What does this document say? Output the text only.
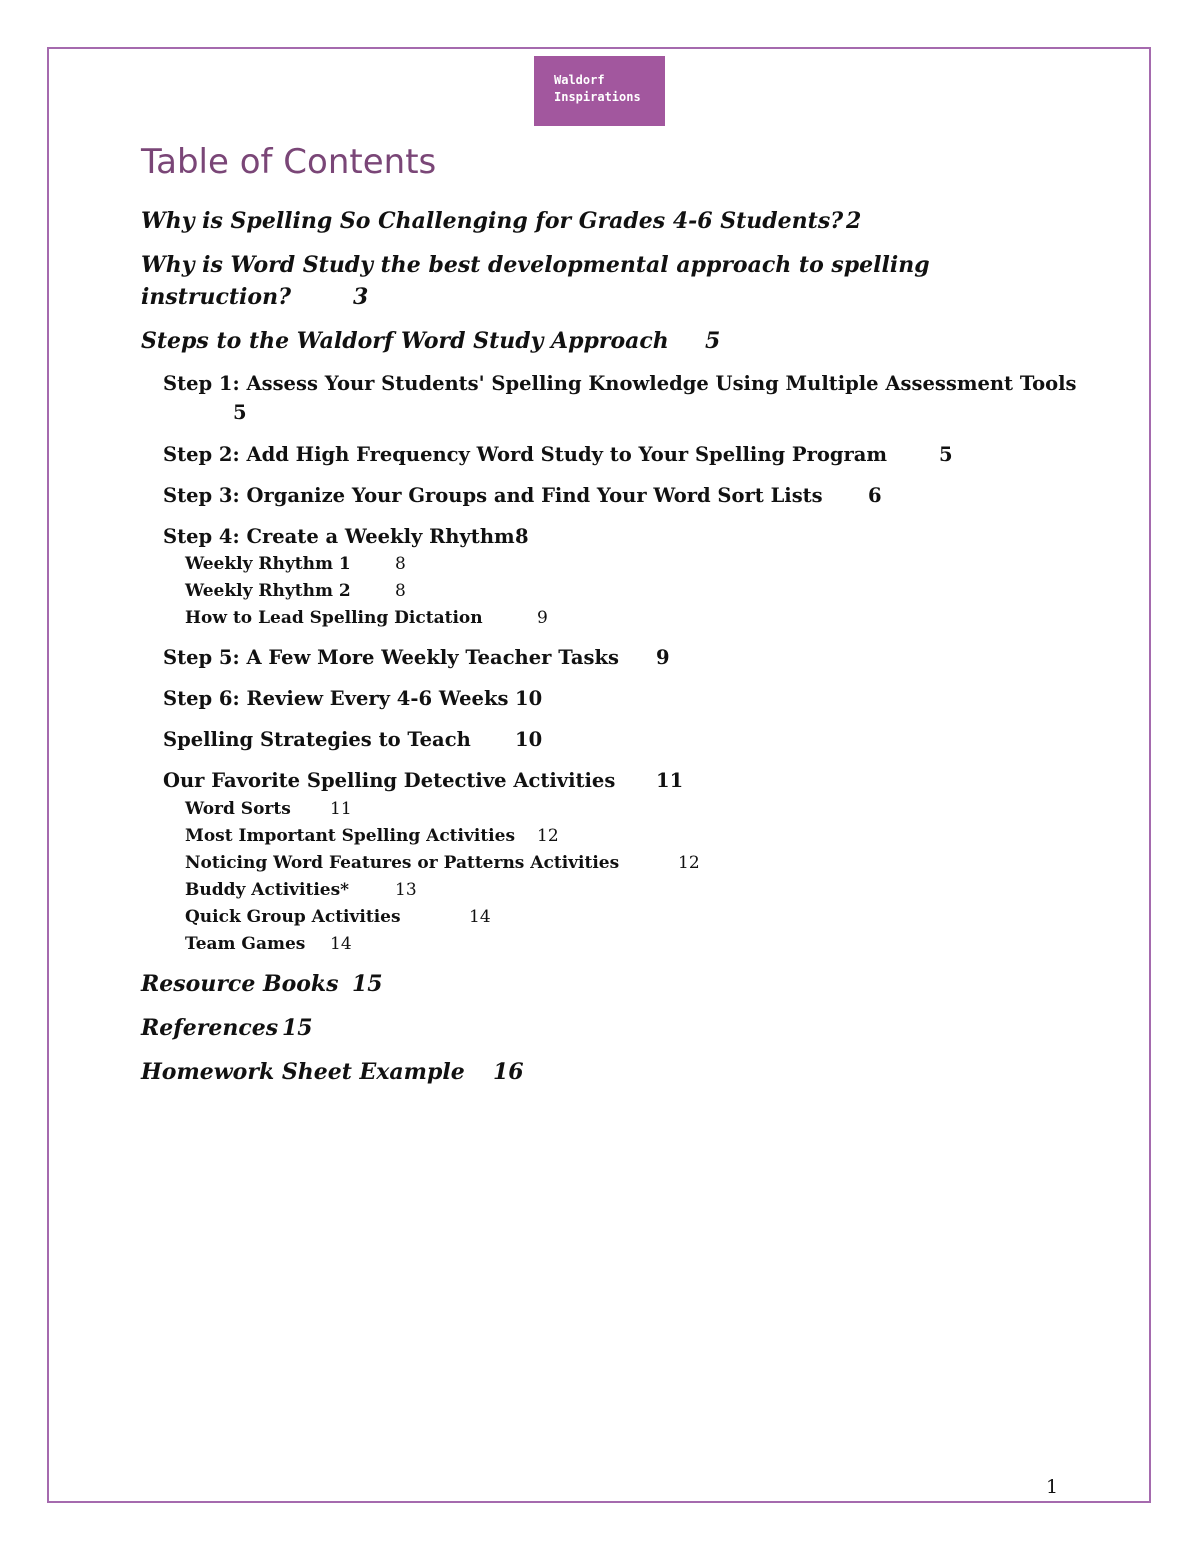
Waldorf
Inspirations
Table of Contents
Why is Spelling So Challenging for Grades 4-6 Students? 2
Why is Word Study the best developmental approach to spelling
instruction?	3
Steps to the Waldorf Word Study Approach 5
Step 1: Assess Your Students' Spelling Knowledge Using Multiple Assessment Tools
5
Step 2: Add High Frequency Word Study to Your Spelling Program	5
Step 3: Organize Your Groups and Find Your Word Sort Lists 6
Step 4: Create a Weekly Rhythm 8
Weekly Rhythm 1	8
Weekly Rhythm 2	8
How to Lead Spelling Dictation	9
Step 5: A Few More Weekly Teacher Tasks 9
Step 6: Review Every 4-6 Weeks 10
Spelling Strategies to Teach 10
Our Favorite Spelling Detective Activities 11
Word Sorts 11
Most Important Spelling Activities 12
Noticing Word Features or Patterns Activities	12
Buddy Activities*	13
Quick Group Activities	14
Team Games 14
Resource Books 15
References 15
Homework Sheet Example 16
1
